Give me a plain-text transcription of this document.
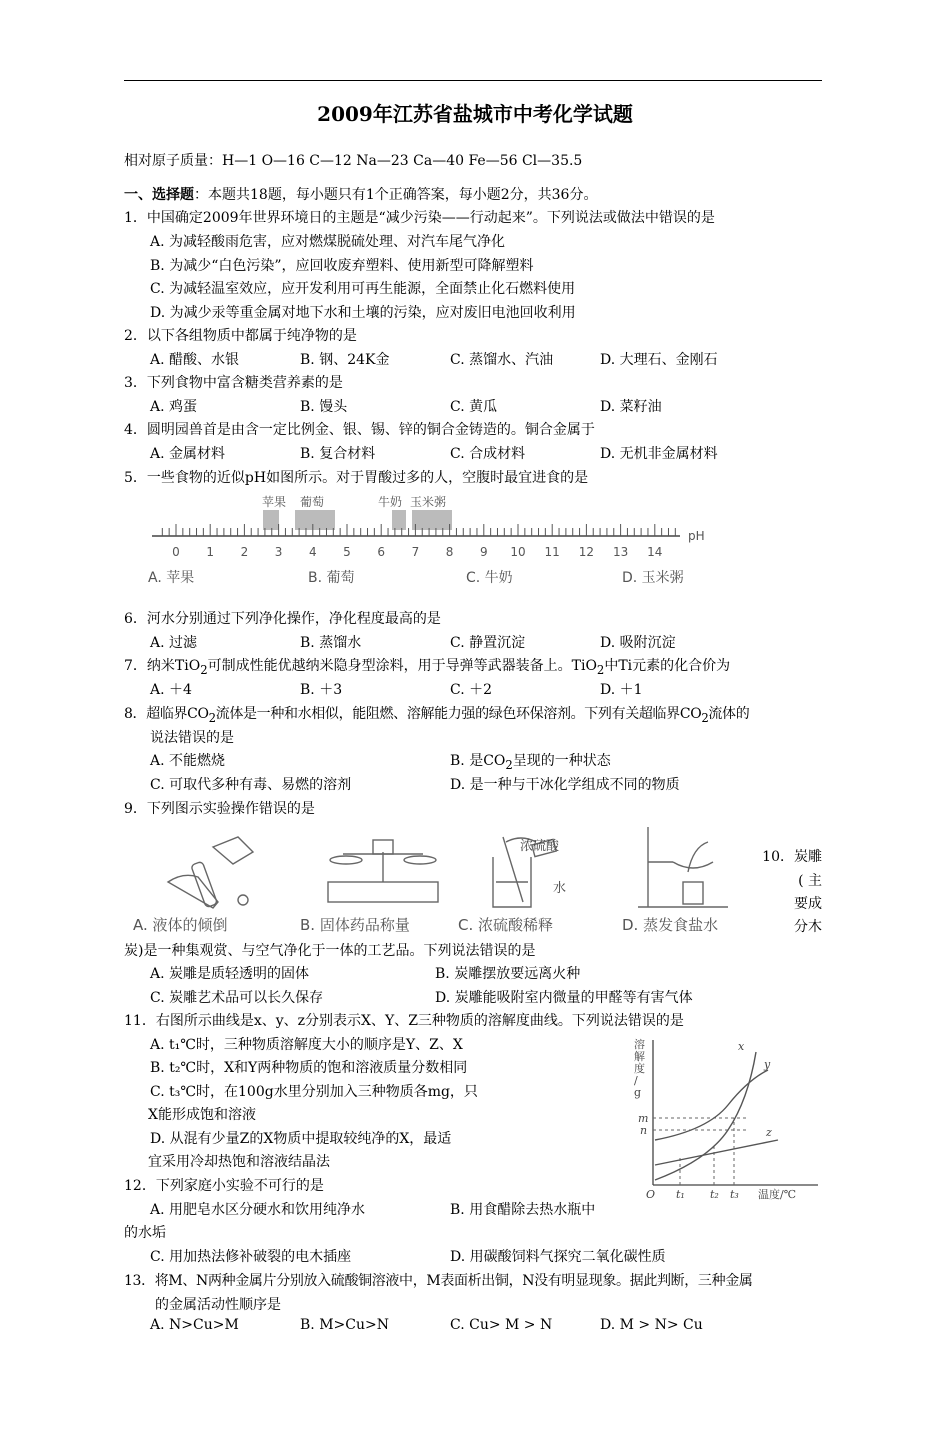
2009年江苏省盐城市中考化学试题
相对原子质量：H—1 O—16 C—12 Na—23 Ca—40 Fe—56 Cl—35.5
一、选择题：本题共18题，每小题只有1个正确答案，每小题2分，共36分。
1．中国确定2009年世界环境日的主题是“减少污染——行动起来”。下列说法或做法中错误的是
A. 为减轻酸雨危害，应对燃煤脱硫处理、对汽车尾气净化
B. 为减少“白色污染”，应回收废弃塑料、使用新型可降解塑料
C. 为减轻温室效应，应开发利用可再生能源，全面禁止化石燃料使用
D. 为减少汞等重金属对地下水和土壤的污染，应对废旧电池回收利用
2．以下各组物质中都属于纯净物的是
A. 醋酸、水银	B. 钢、24K金	C. 蒸馏水、汽油	D. 大理石、金刚石
3．下列食物中富含糖类营养素的是
A. 鸡蛋	B. 馒头	C. 黄瓜	D. 菜籽油
4．圆明园兽首是由含一定比例金、银、锡、锌的铜合金铸造的。铜合金属于
A. 金属材料	B. 复合材料	C. 合成材料	D. 无机非金属材料
5．一些食物的近似pH如图所示。对于胃酸过多的人，空腹时最宜进食的是
苹果 葡萄	牛奶 玉米粥
pH
0 1 2 3 4 5 6 7 8 9 10 11 12 13 14
A. 苹果	B. 葡萄	C. 牛奶	D. 玉米粥
6．河水分别通过下列净化操作，净化程度最高的是
A. 过滤	B. 蒸馏水	C. 静置沉淀	D. 吸附沉淀
7．纳米TiO$_2$可制成性能优越纳米隐身型涂料，用于导弹等武器装备上。TiO$_2$中Ti元素的化合价为
A. ＋4	B. ＋3	C. ＋2	D. ＋1
8．超临界$CO_2$流体是一种和水相似，能阻燃、溶解能力强的绿色环保溶剂。下列有关超临界$CO_2$流体的
说法错误的是
A. 不能燃烧	B. 是$CO_2$呈现的一种状态
C. 可取代多种有毒、易燃的溶剂	D. 是一种与干冰化学组成不同的物质
9．下列图示实验操作错误的是
浓硫酸
水
A. 液体的倾倒	B. 固体药品称量	C. 浓硫酸稀释	D. 蒸发食盐水
10．炭雕
( 主
要成
分木
炭)是一种集观赏、与空气净化于一体的工艺品。下列说法错误的是
A. 炭雕是质轻透明的固体	B. 炭雕摆放要远离火种
C. 炭雕艺术品可以长久保存	D. 炭雕能吸附室内微量的甲醛等有害气体
11．右图所示曲线是x、y、z分别表示X、Y、Z三种物质的溶解度曲线。下列说法错误的是
A. t₁℃时，三种物质溶解度大小的顺序是Y、Z、X
B. t₂℃时，X和Y两种物质的饱和溶液质量分数相同
C. t₃℃时，在100g水里分别加入三种物质各mg，只
X能形成饱和溶液
D. 从混有少量Z的X物质中提取较纯净的X，最适
宜采用冷却热饱和溶液结晶法
溶
解
度
/
g
m
n
O t₁ t₂ t₃ 温度/℃
x
y
z
12．下列家庭小实验不可行的是
A. 用肥皂水区分硬水和饮用纯净水	B. 用食醋除去热水瓶中
的水垢
C. 用加热法修补破裂的电木插座	D. 用碳酸饲料气探究二氧化碳性质
13．将M、N两种金属片分别放入硫酸铜溶液中，M表面析出铜，N没有明显现象。据此判断，三种金属
的金属活动性顺序是
A. N>Cu>M	B. M>Cu>N	C. Cu> M > N	D. M > N> Cu
